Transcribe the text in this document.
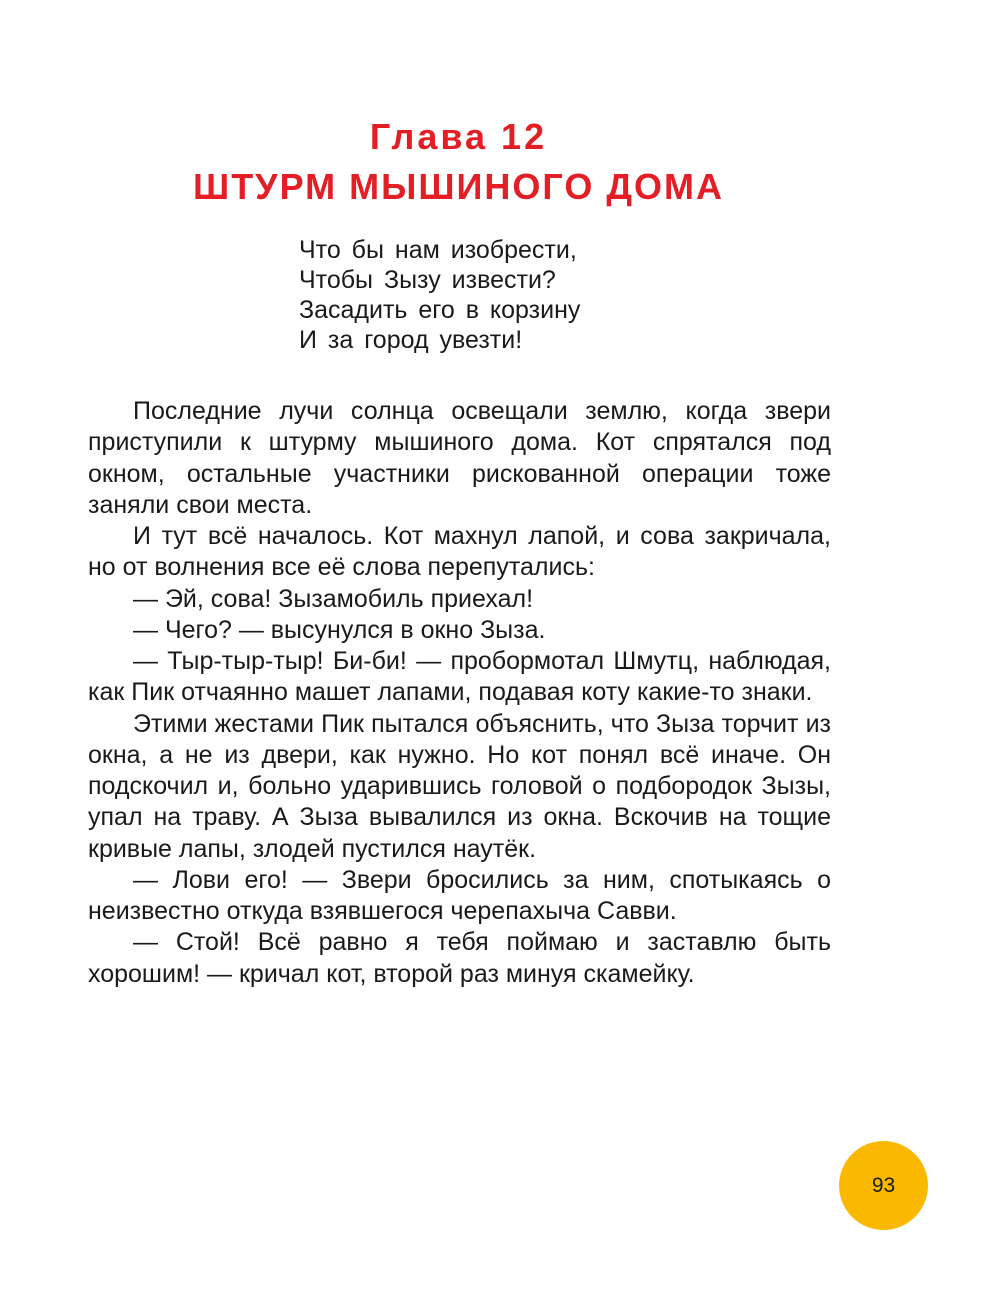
Глава 12
ШТУРМ МЫШИНОГО ДОМА
Что бы нам изобрести,
Чтобы Зызу извести?
Засадить его в корзину
И за город увезти!

Последние лучи солнца освещали землю, когда звери приступили к штурму мышиного дома. Кот спрятался под окном, остальные участники рискованной операции тоже заняли свои места.

И тут всё началось. Кот махнул лапой, и сова закричала, но от волнения все её слова перепутались:

— Эй, сова! Зызамобиль приехал!

— Чего? — высунулся в окно Зыза.

— Тыр-тыр-тыр! Би-би! — пробормотал Шмутц, наблюдая, как Пик отчаянно машет лапами, подавая коту какие-то знаки.

Этими жестами Пик пытался объяснить, что Зыза торчит из окна, а не из двери, как нужно. Но кот понял всё иначе. Он подскочил и, больно ударившись головой о подбородок Зызы, упал на траву. А Зыза вывалился из окна. Вскочив на тощие кривые лапы, злодей пустился наутёк.

— Лови его! — Звери бросились за ним, спотыкаясь о неизвестно откуда взявшегося черепахыча Савви.

— Стой! Всё равно я тебя поймаю и заставлю быть хорошим! — кричал кот, второй раз минуя скамейку.

93
